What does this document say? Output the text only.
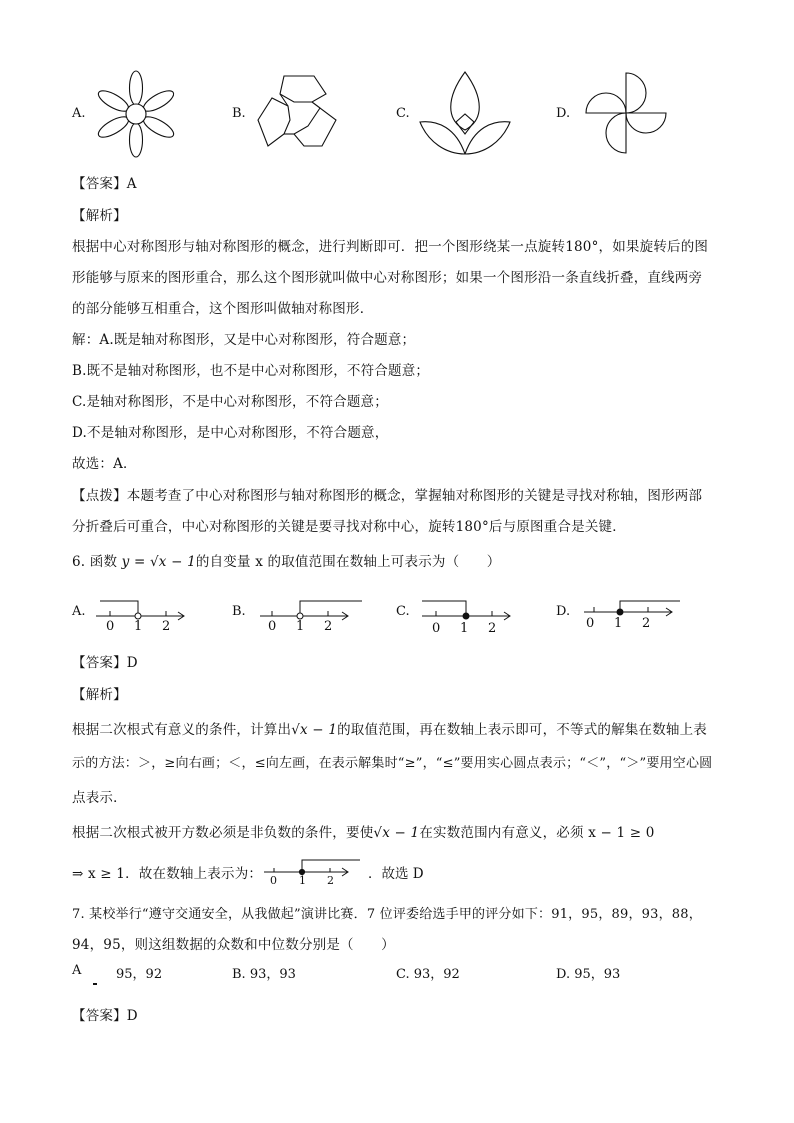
A.	B.	C.	D.
【答案】A
【解析】
根据中心对称图形与轴对称图形的概念，进行判断即可．把一个图形绕某一点旋转180°，如果旋转后的图
形能够与原来的图形重合，那么这个图形就叫做中心对称图形；如果一个图形沿一条直线折叠，直线两旁
的部分能够互相重合，这个图形叫做轴对称图形．
解：A.既是轴对称图形，又是中心对称图形，符合题意；
B.既不是轴对称图形，也不是中心对称图形，不符合题意；
C.是轴对称图形，不是中心对称图形，不符合题意；
D.不是轴对称图形，是中心对称图形，不符合题意，
故选：A．
【点拨】本题考查了中心对称图形与轴对称图形的概念，掌握轴对称图形的关键是寻找对称轴，图形两部
分折叠后可重合，中心对称图形的关键是要寻找对称中心，旋转180°后与原图重合是关键．
6. 函数 y = √x − 1的自变量 x 的取值范围在数轴上可表示为（　　）
A.
0 1 2
B.
0 1 2
C.
0 1 2
D.
0 1 2
【答案】D
【解析】
根据二次根式有意义的条件，计算出√x − 1的取值范围，再在数轴上表示即可，不等式的解集在数轴上表
示的方法：＞，≥向右画；＜，≤向左画，在表示解集时“≥”，“≤”要用实心圆点表示；“＜”，“＞”要用空心圆
点表示．
根据二次根式被开方数必须是非负数的条件，要使√x − 1在实数范围内有意义，必须 x − 1 ≥ 0
⇒ x ≥ 1．故在数轴上表示为： 0 1 2	．故选 D
7. 某校举行“遵守交通安全，从我做起”演讲比赛．7 位评委给选手甲的评分如下：91，95，89，93，88，
94，95，则这组数据的众数和中位数分别是（　　）
A	95，92	B. 93，93	C. 93，92	D. 95，93
【答案】D
